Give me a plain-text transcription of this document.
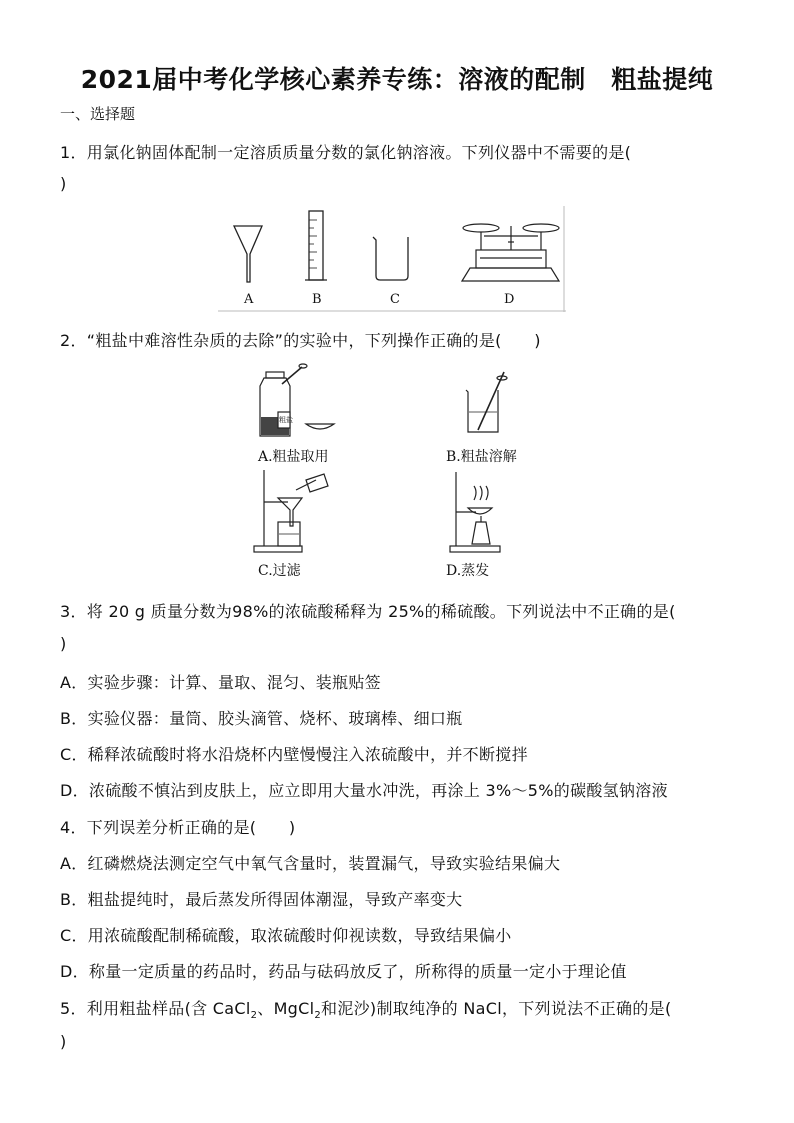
2021届中考化学核心素养专练：溶液的配制　粗盐提纯
一、选择题
1．用氯化钠固体配制一定溶质质量分数的氯化钠溶液。下列仪器中不需要的是(
)
A	B	C	D
2．“粗盐中难溶性杂质的去除”的实验中，下列操作正确的是(　　)
粗盐
A.粗盐取用	B.粗盐溶解
C.过滤	D.蒸发
3．将 20 g 质量分数为98%的浓硫酸稀释为 25%的稀硫酸。下列说法中不正确的是(
)
A．实验步骤：计算、量取、混匀、装瓶贴签
B．实验仪器：量筒、胶头滴管、烧杯、玻璃棒、细口瓶
C．稀释浓硫酸时将水沿烧杯内壁慢慢注入浓硫酸中，并不断搅拌
D．浓硫酸不慎沾到皮肤上，应立即用大量水冲洗，再涂上 3%～5%的碳酸氢钠溶液
4．下列误差分析正确的是(　　)
A．红磷燃烧法测定空气中氧气含量时，装置漏气，导致实验结果偏大
B．粗盐提纯时，最后蒸发所得固体潮湿，导致产率变大
C．用浓硫酸配制稀硫酸，取浓硫酸时仰视读数，导致结果偏小
D．称量一定质量的药品时，药品与砝码放反了，所称得的质量一定小于理论值
5．利用粗盐样品(含 CaCl$_2$、MgCl$_2$和泥沙)制取纯净的 NaCl，下列说法不正确的是(
)
